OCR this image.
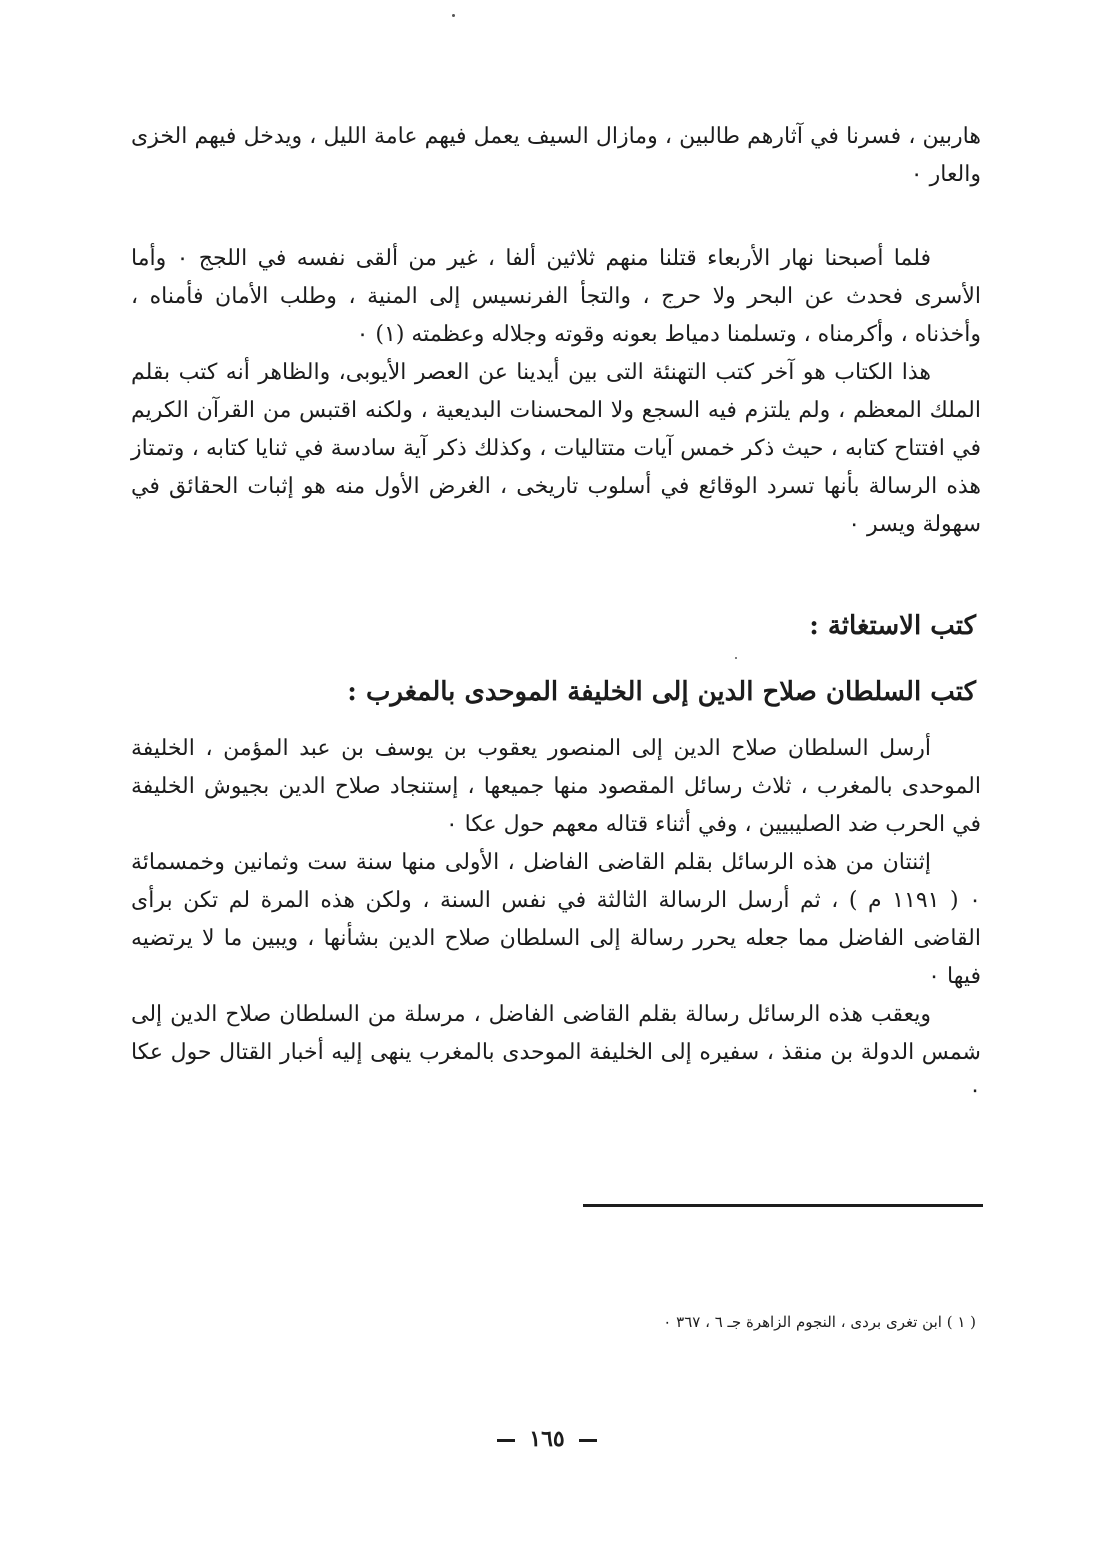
هاربين ، فسرنا في آثارهم طالبين ، ومازال السيف يعمل فيهم عامة الليل ، ويدخل فيهم الخزى والعار ٠

فلما أصبحنا نهار الأربعاء قتلنا منهم ثلاثين ألفا ، غير من ألقى نفسه في اللجج ٠ وأما الأسرى فحدث عن البحر ولا حرج ، والتجأ الفرنسيس إلى المنية ، وطلب الأمان فأمناه ، وأخذناه ، وأكرمناه ، وتسلمنا دمياط بعونه وقوته وجلاله وعظمته (١) ٠

هذا الكتاب هو آخر كتب التهنئة التى بين أيدينا عن العصر الأيوبى، والظاهر أنه كتب بقلم الملك المعظم ، ولم يلتزم فيه السجع ولا المحسنات البديعية ، ولكنه اقتبس من القرآن الكريم في افتتاح كتابه ، حيث ذكر خمس آيات متتاليات ، وكذلك ذكر آية سادسة في ثنايا كتابه ، وتمتاز هذه الرسالة بأنها تسرد الوقائع في أسلوب تاريخى ، الغرض الأول منه هو إثبات الحقائق في سهولة ويسر ٠

كتب الاستغاثة :
كتب السلطان صلاح الدين إلى الخليفة الموحدى بالمغرب :

أرسل السلطان صلاح الدين إلى المنصور يعقوب بن يوسف بن عبد المؤمن ، الخليفة الموحدى بالمغرب ، ثلاث رسائل المقصود منها جميعها ، إستنجاد صلاح الدين بجيوش الخليفة في الحرب ضد الصليبيين ، وفي أثناء قتاله معهم حول عكا ٠

إثنتان من هذه الرسائل بقلم القاضى الفاضل ، الأولى منها سنة ست وثمانين وخمسمائة ٠ ( ١١٩١ م ) ، ثم أرسل الرسالة الثالثة في نفس السنة ، ولكن هذه المرة لم تكن برأى القاضى الفاضل مما جعله يحرر رسالة إلى السلطان صلاح الدين بشأنها ، ويبين ما لا يرتضيه فيها ٠

ويعقب هذه الرسائل رسالة بقلم القاضى الفاضل ، مرسلة من السلطان صلاح الدين إلى شمس الدولة بن منقذ ، سفيره إلى الخليفة الموحدى بالمغرب ينهى إليه أخبار القتال حول عكا ٠

( ١ ) ابن تغرى بردى ، النجوم الزاهرة جـ ٦ ، ٣٦٧ ٠
١٦٥
